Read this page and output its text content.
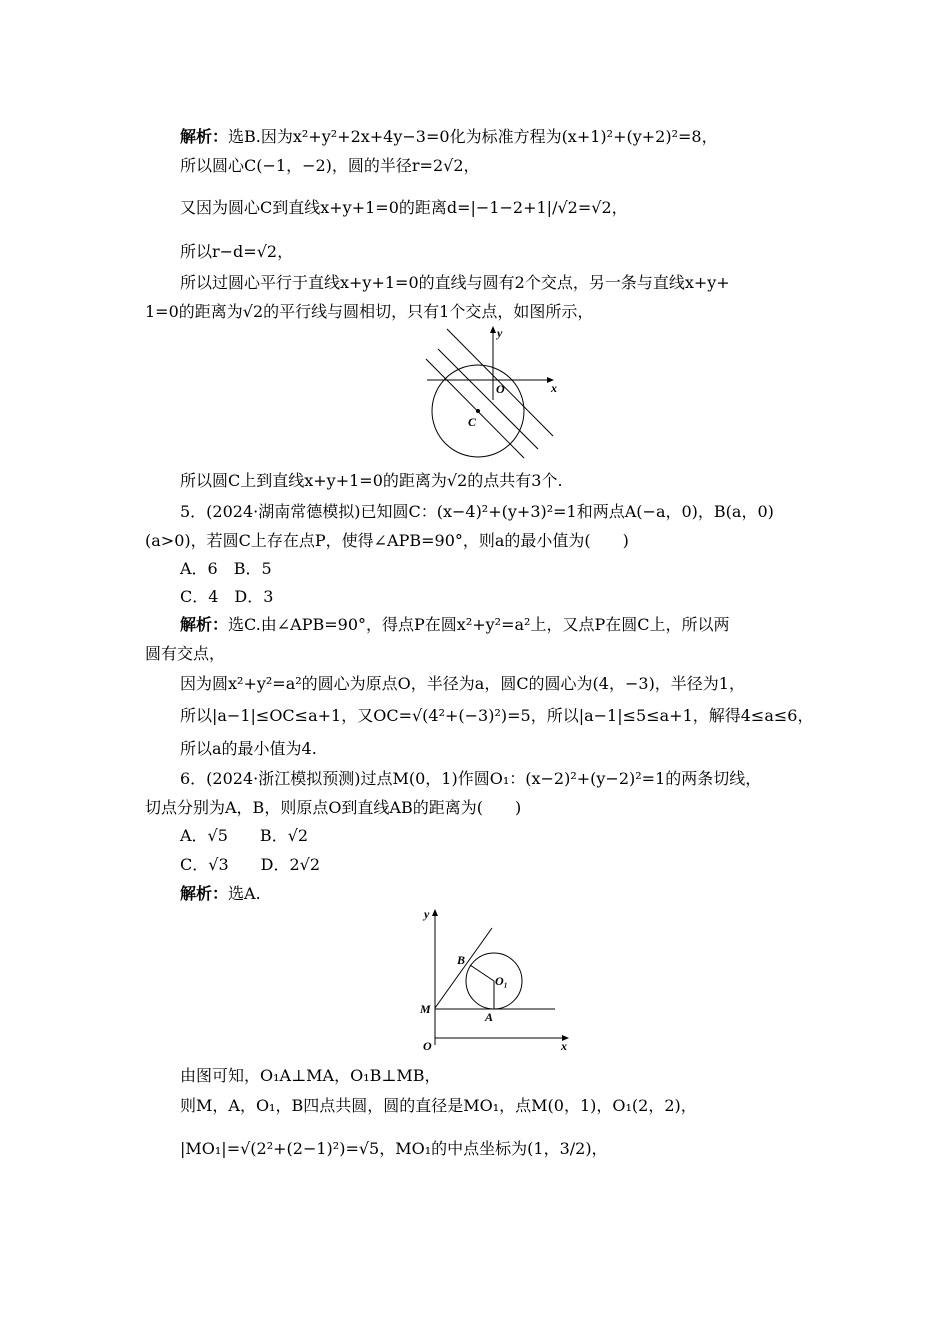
解析：选B.因为x²+y²+2x+4y−3=0化为标准方程为(x+1)²+(y+2)²=8，
所以圆心C(−1，−2)，圆的半径r=2√2，
又因为圆心C到直线x+y+1=0的距离d=|−1−2+1|/√2=√2，
所以r−d=√2，
所以过圆心平行于直线x+y+1=0的直线与圆有2个交点，另一条与直线x+y+
1=0的距离为√2的平行线与圆相切，只有1个交点，如图所示，
y
x
O
C
所以圆C上到直线x+y+1=0的距离为√2的点共有3个.
5．(2024·湖南常德模拟)已知圆C：(x−4)²+(y+3)²=1和两点A(−a，0)，B(a，0)
(a>0)，若圆C上存在点P，使得∠APB=90°，则a的最小值为(　　)
A．6　B．5
C．4　D．3
解析：选C.由∠APB=90°，得点P在圆x²+y²=a²上，又点P在圆C上，所以两
圆有交点，
因为圆x²+y²=a²的圆心为原点O，半径为a，圆C的圆心为(4，−3)，半径为1，
所以|a−1|≤OC≤a+1，又OC=√(4²+(−3)²)=5，所以|a−1|≤5≤a+1，解得4≤a≤6，
所以a的最小值为4.
6．(2024·浙江模拟预测)过点M(0，1)作圆O₁：(x−2)²+(y−2)²=1的两条切线，
切点分别为A，B，则原点O到直线AB的距离为(　　)
A．√5　　B．√2
C．√3　　D．2√2
解析：选A.
y
x
O
M
A
B
O₁
由图可知，O₁A⊥MA，O₁B⊥MB，
则M，A，O₁，B四点共圆，圆的直径是MO₁，点M(0，1)，O₁(2，2)，
|MO₁|=√(2²+(2−1)²)=√5，MO₁的中点坐标为(1，3/2)，
